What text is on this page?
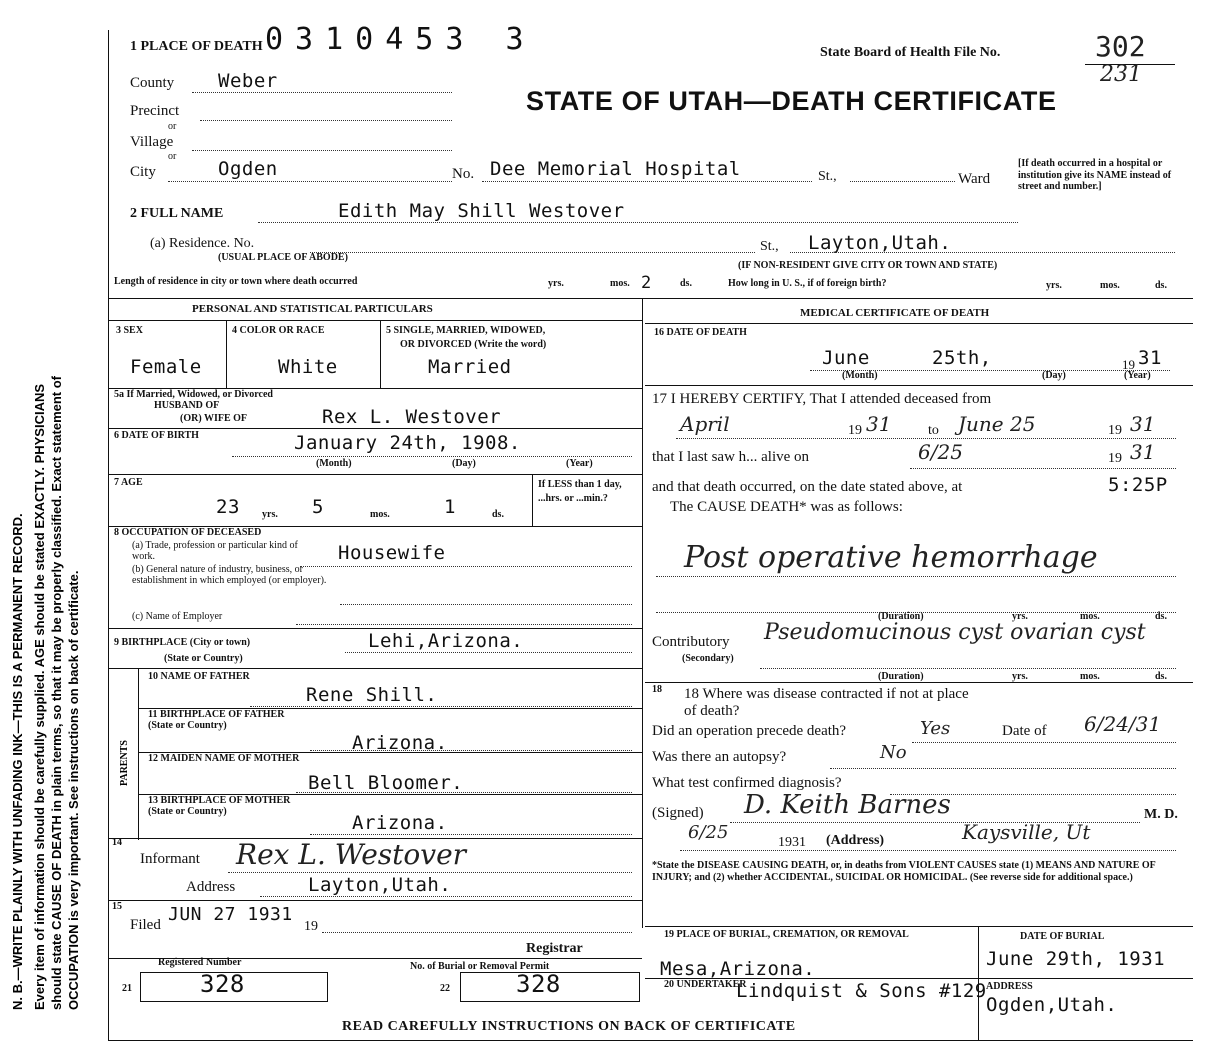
N. B.—WRITE PLAINLY WITH UNFADING INK—THIS IS A PERMANENT RECORD. Every item of information should be carefully supplied. AGE should be stated EXACTLY. PHYSICIANS should state CAUSE OF DEATH in plain terms, so that it may be properly classified. Exact statement of OCCUPATION is very important. See instructions on back of certificate.
0310453 3
1 PLACE OF DEATH	State Board of Health File No.	302
231
STATE OF UTAH—DEATH CERTIFICATE
County Weber
Precinct
or
Village
or
City	Ogden	No. Dee Memorial Hospital	St.,	Ward
[If death occurred in a hospital or institution give its NAME instead of street and number.]
2 FULL NAME	Edith May Shill Westover
(a) Residence. No.
(USUAL PLACE OF ABODE)
St., Layton,Utah.
(IF NON-RESIDENT GIVE CITY OR TOWN AND STATE)
Length of residence in city or town where death occurred	yrs.	mos. 2	ds.	How long in U. S., if of foreign birth?	yrs.	mos.	ds.
PERSONAL AND STATISTICAL PARTICULARS	MEDICAL CERTIFICATE OF DEATH
3 SEX
Female
4 COLOR OR RACE
White
5 SINGLE, MARRIED, WIDOWED,
OR DIVORCED (Write the word)
Married
5a If Married, Widowed, or Divorced
HUSBAND OF
(OR) WIFE OF	Rex L. Westover
6 DATE OF BIRTH	January 24th, 1908.
(Month)	(Day)	(Year)
7 AGE
23 yrs. 5	mos.	1	ds.
If LESS than 1 day, ...hrs. or ...min.?
8 OCCUPATION OF DECEASED
(a) Trade, profession or particular kind of work.	Housewife
(b) General nature of industry, business, or establishment in which employed (or employer).
(c) Name of Employer
9 BIRTHPLACE (City or town)
(State or Country)
Lehi,Arizona.
PARENTS
10 NAME OF FATHER
Rene Shill.
11 BIRTHPLACE OF FATHER (State or Country)
Arizona.
12 MAIDEN NAME OF MOTHER
Bell Bloomer.
13 BIRTHPLACE OF MOTHER (State or Country)
Arizona.
14
Informant Rex L. Westover
Address	Layton,Utah.
15
Filed JUN 27 1931
19
Registrar
Registered Number	No. of Burial or Removal Permit
21	328	22	328
16 DATE OF DEATH
June	25th,	19 31
(Month)	(Day)	(Year)
17 I HEREBY CERTIFY, That I attended deceased from
April	19 31	to June 25	19 31
that I last saw h... alive on	6/25	19 31
and that death occurred, on the date stated above, at	5:25P
The CAUSE DEATH* was as follows:
Post operative hemorrhage
(Duration)	yrs.	mos.	ds.
Contributory
(Secondary)
Pseudomucinous cyst ovarian cyst
(Duration)	yrs.	mos.	ds.
18 18 Where was disease contracted if not at place of death?
Did an operation precede death?	Yes	Date of 6/24/31
Was there an autopsy?	No
What test confirmed diagnosis?
(Signed) D. Keith Barnes	M. D.
6/25	1931 (Address)	Kaysville, Ut
*State the DISEASE CAUSING DEATH, or, in deaths from VIOLENT CAUSES state (1) MEANS AND NATURE OF INJURY; and (2) whether ACCIDENTAL, SUICIDAL OR HOMICIDAL. (See reverse side for additional space.)
19 PLACE OF BURIAL, CREMATION, OR REMOVAL
Mesa,Arizona.
DATE OF BURIAL
June 29th, 1931
20 UNDERTAKER
Lindquist & Sons #129 ADDRESS
Ogden,Utah.
READ CAREFULLY INSTRUCTIONS ON BACK OF CERTIFICATE
